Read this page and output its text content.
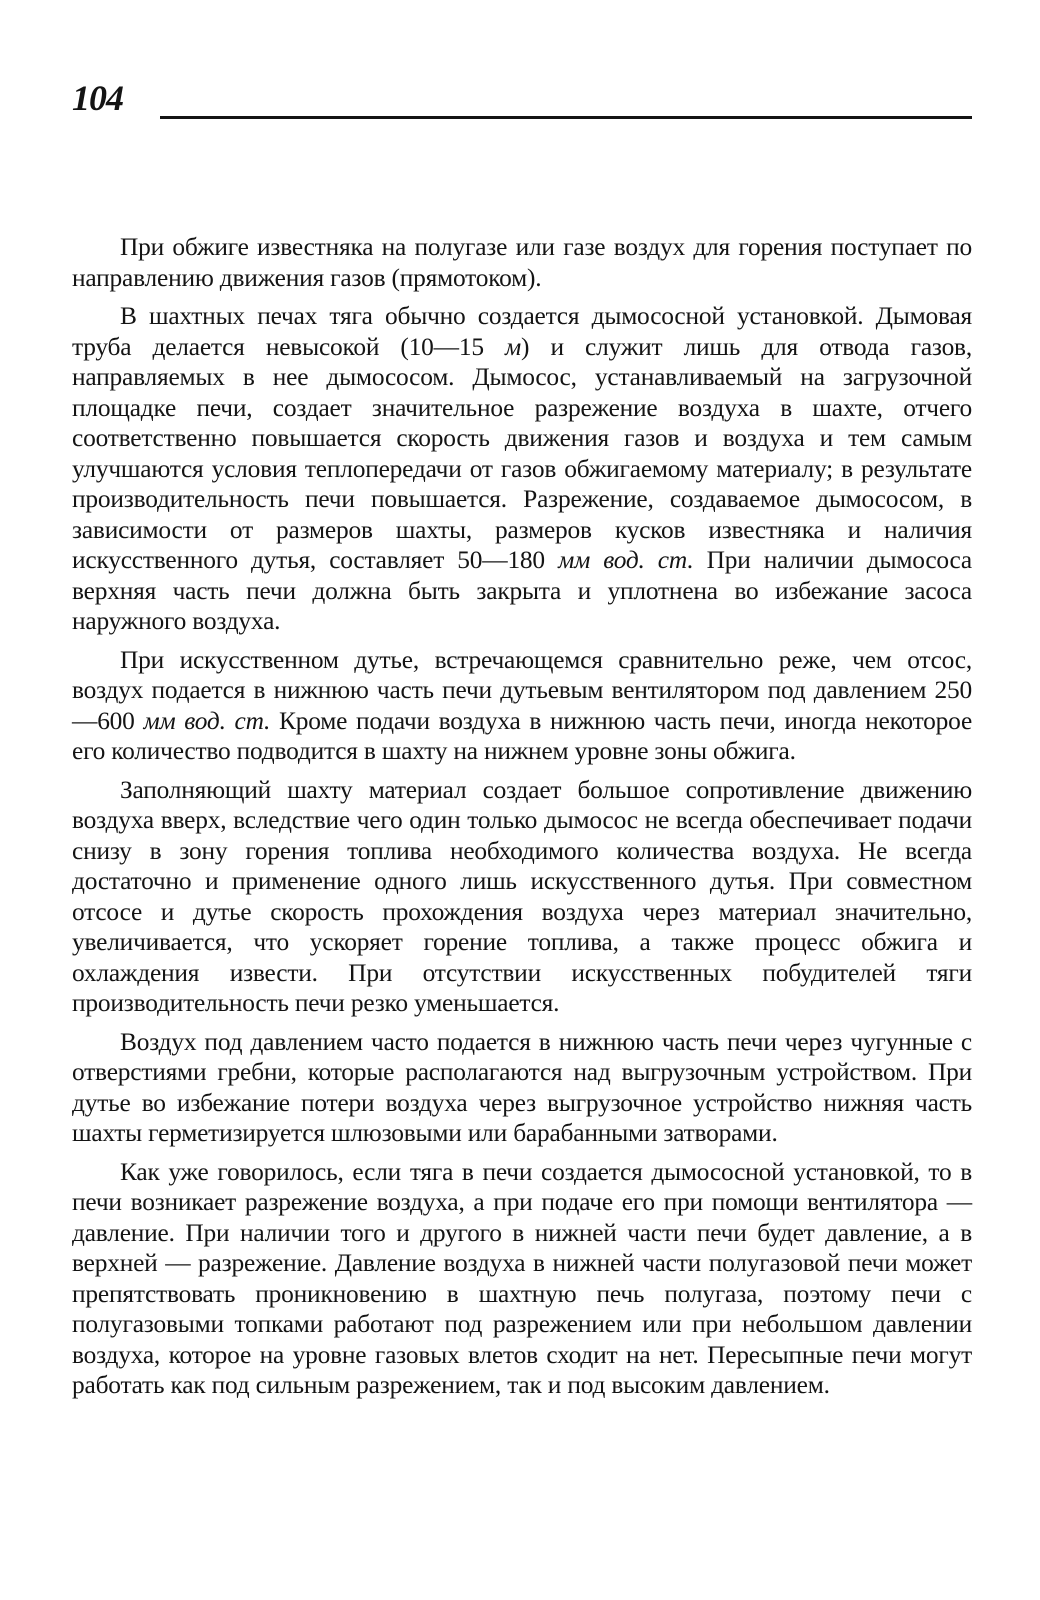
104

При обжиге известняка на полугазе или газе воздух для горения поступает по направлению движения газов (прямотоком).

В шахтных печах тяга обычно создается дымососной установкой. Дымовая труба делается невысокой (10—15 м) и служит лишь для отвода газов, направляемых в нее дымососом. Дымосос, устанавливаемый на загрузочной площадке печи, создает значительное разрежение воздуха в шахте, отчего соответственно повышается скорость движения газов и воздуха и тем самым улучшаются условия теплопередачи от газов обжигаемому материалу; в результате производительность печи повышается. Разрежение, создаваемое дымососом, в зависимости от размеров шахты, размеров кусков известняка и наличия искусственного дутья, составляет 50—180 мм вод. ст. При наличии дымососа верхняя часть печи должна быть закрыта и уплотнена во избежание засоса наружного воздуха.

При искусственном дутье, встречающемся сравнительно реже, чем отсос, воздух подается в нижнюю часть печи дутьевым вентилятором под давлением 250—600 мм вод. ст. Кроме подачи воздуха в нижнюю часть печи, иногда некоторое его количество подводится в шахту на нижнем уровне зоны обжига.

Заполняющий шахту материал создает большое сопротивление движению воздуха вверх, вследствие чего один только дымосос не всегда обеспечивает подачи снизу в зону горения топлива необходимого количества воздуха. Не всегда достаточно и применение одного лишь искусственного дутья. При совместном отсосе и дутье скорость прохождения воздуха через материал значительно, увеличивается, что ускоряет горение топлива, а также процесс обжига и охлаждения извести. При отсутствии искусственных побудителей тяги производительность печи резко уменьшается.

Воздух под давлением часто подается в нижнюю часть печи через чугунные с отверстиями гребни, которые располагаются над выгрузочным устройством. При дутье во избежание потери воздуха через выгрузочное устройство нижняя часть шахты герметизируется шлюзовыми или барабанными затворами.

Как уже говорилось, если тяга в печи создается дымососной установкой, то в печи возникает разрежение воздуха, а при подаче его при помощи вентилятора — давление. При наличии того и другого в нижней части печи будет давление, а в верхней — разрежение. Давление воздуха в нижней части полугазовой печи может препятствовать проникновению в шахтную печь полугаза, поэтому печи с полугазовыми топками работают под разрежением или при небольшом давлении воздуха, которое на уровне газовых влетов сходит на нет. Пересыпные печи могут работать как под сильным разрежением, так и под высоким давлением.
